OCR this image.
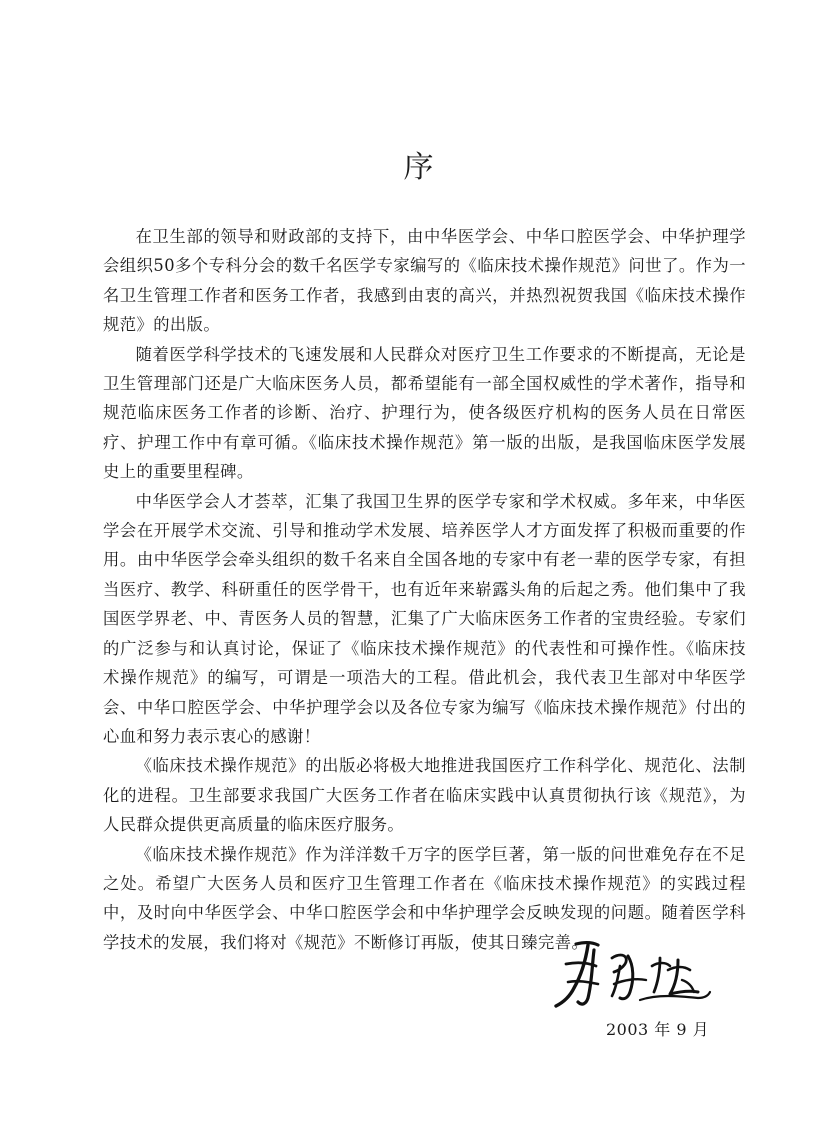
序

在卫生部的领导和财政部的支持下，由中华医学会、中华口腔医学会、中华护理学会组织50多个专科分会的数千名医学专家编写的《临床技术操作规范》问世了。作为一名卫生管理工作者和医务工作者，我感到由衷的高兴，并热烈祝贺我国《临床技术操作规范》的出版。

随着医学科学技术的飞速发展和人民群众对医疗卫生工作要求的不断提高，无论是卫生管理部门还是广大临床医务人员，都希望能有一部全国权威性的学术著作，指导和规范临床医务工作者的诊断、治疗、护理行为，使各级医疗机构的医务人员在日常医疗、护理工作中有章可循。《临床技术操作规范》第一版的出版，是我国临床医学发展史上的重要里程碑。

中华医学会人才荟萃，汇集了我国卫生界的医学专家和学术权威。多年来，中华医学会在开展学术交流、引导和推动学术发展、培养医学人才方面发挥了积极而重要的作用。由中华医学会牵头组织的数千名来自全国各地的专家中有老一辈的医学专家，有担当医疗、教学、科研重任的医学骨干，也有近年来崭露头角的后起之秀。他们集中了我国医学界老、中、青医务人员的智慧，汇集了广大临床医务工作者的宝贵经验。专家们的广泛参与和认真讨论，保证了《临床技术操作规范》的代表性和可操作性。《临床技术操作规范》的编写，可谓是一项浩大的工程。借此机会，我代表卫生部对中华医学会、中华口腔医学会、中华护理学会以及各位专家为编写《临床技术操作规范》付出的心血和努力表示衷心的感谢！

《临床技术操作规范》的出版必将极大地推进我国医疗工作科学化、规范化、法制化的进程。卫生部要求我国广大医务工作者在临床实践中认真贯彻执行该《规范》，为人民群众提供更高质量的临床医疗服务。

《临床技术操作规范》作为洋洋数千万字的医学巨著，第一版的问世难免存在不足之处。希望广大医务人员和医疗卫生管理工作者在《临床技术操作规范》的实践过程中，及时向中华医学会、中华口腔医学会和中华护理学会反映发现的问题。随着医学科学技术的发展，我们将对《规范》不断修订再版，使其日臻完善。

2003 年 9 月
